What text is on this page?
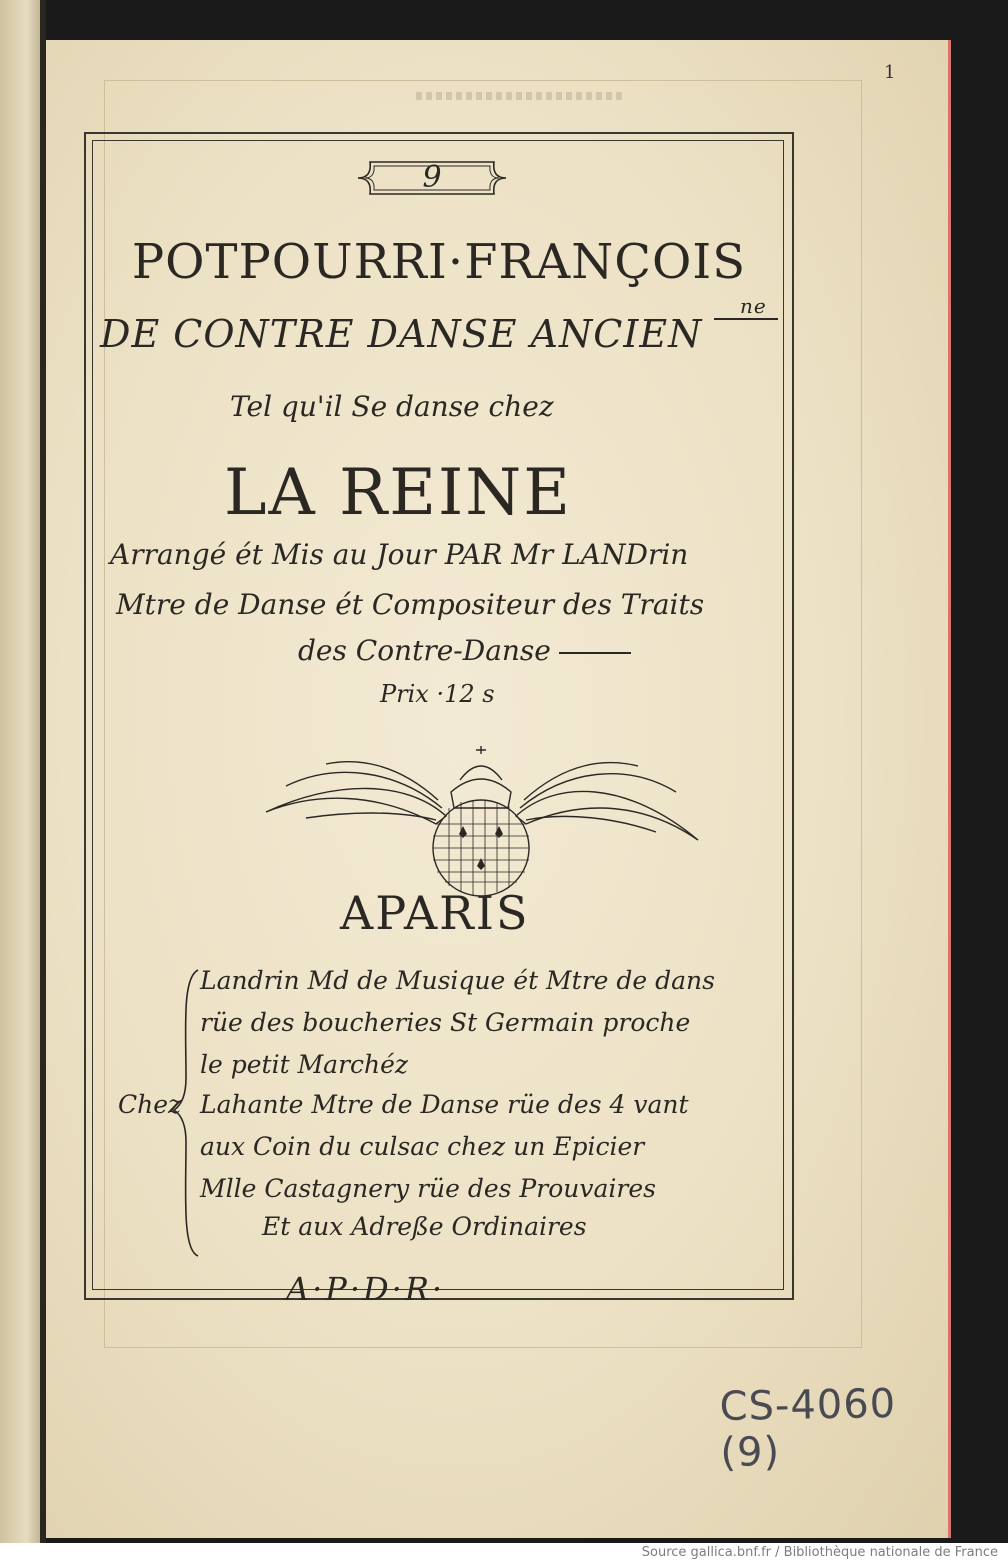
1
9
POTPOURRI·FRANÇOIS
DE CONTRE DANSE ANCIEN
ne
Tel qu'il Se danse chez
LA REINE
Arrangé ét Mis au Jour PAR Mr LANDrin
Mtre de Danse ét Compositeur des Traits
des Contre-Danse
Prix ·12 s
APARIS
Chez
Landrin Md de Musique ét Mtre de dans
rüe des boucheries St Germain proche
le petit Marchéz
Lahante Mtre de Danse rüe des 4 vant
aux Coin du culsac chez un Epicier
Mlle Castagnery rüe des Prouvaires
Et aux Adreße Ordinaires
A·P·D·R·
CS-4060 (9)
Source gallica.bnf.fr / Bibliothèque nationale de France
